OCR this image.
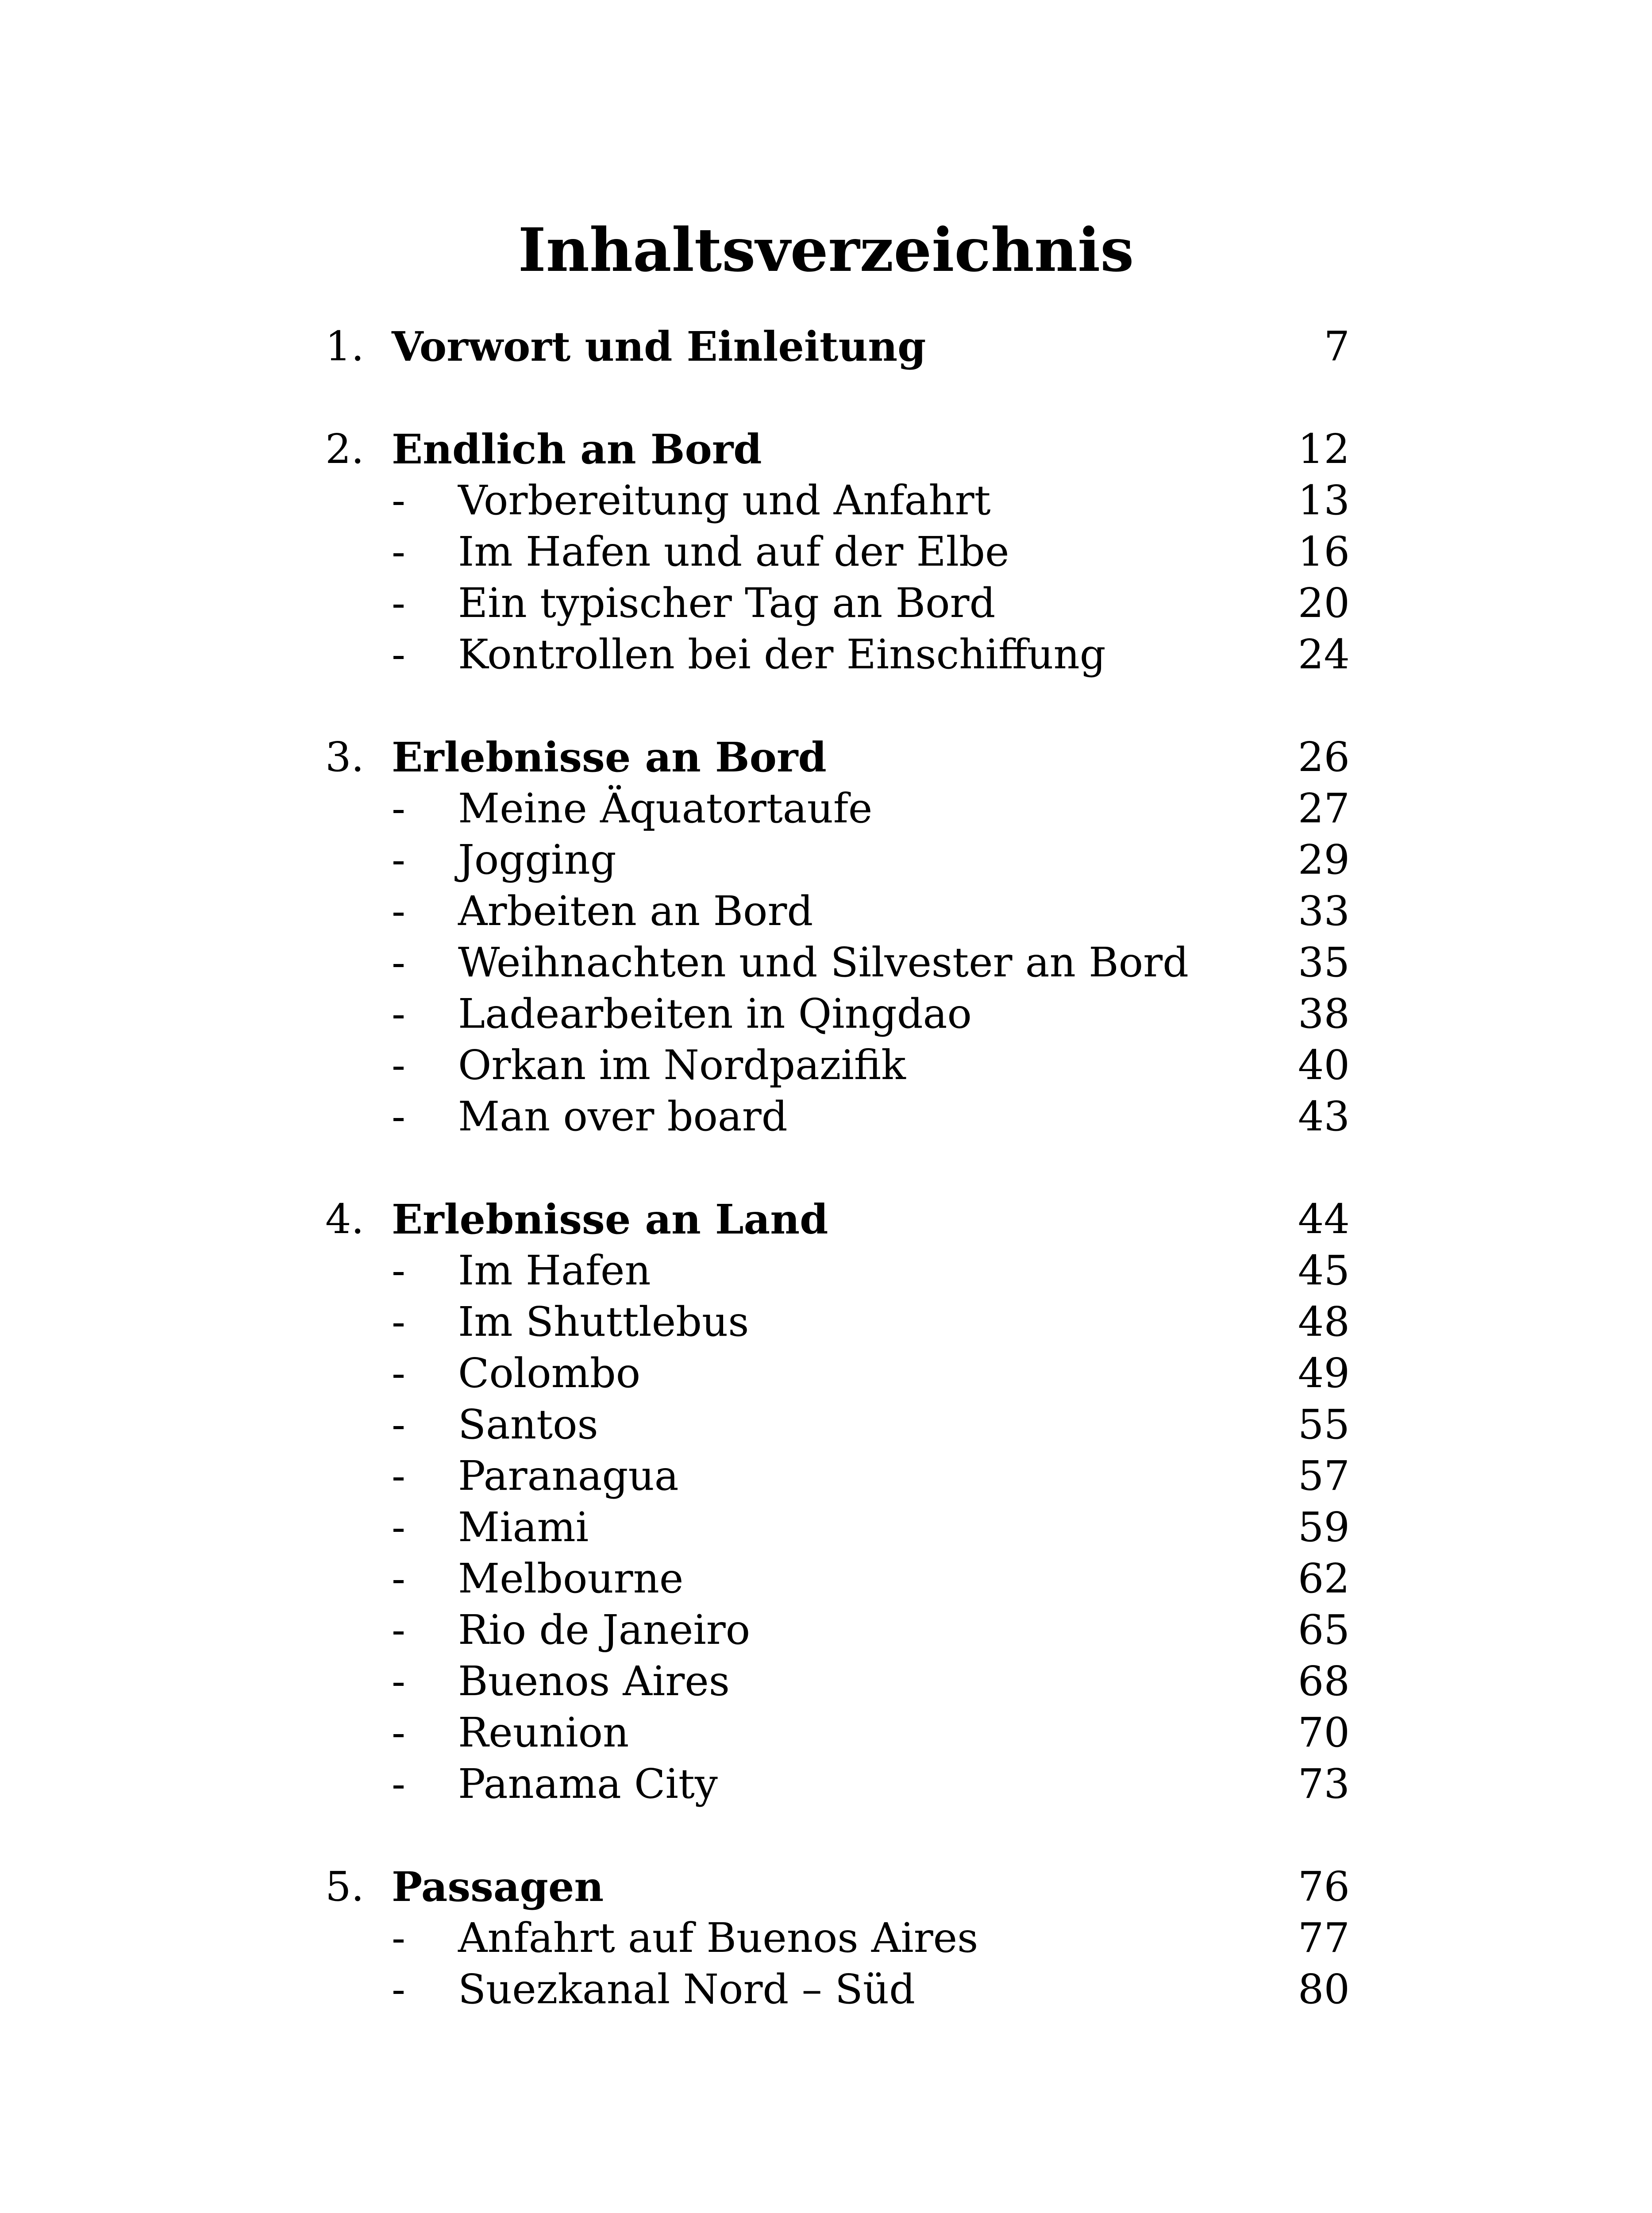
Inhaltsverzeichnis
1. Vorwort und Einleitung	7
2. Endlich an Bord	12
- Vorbereitung und Anfahrt	13
- Im Hafen und auf der Elbe	16
- Ein typischer Tag an Bord	20
- Kontrollen bei der Einschiffung	24
3. Erlebnisse an Bord	26
- Meine Äquatortaufe	27
- Jogging	29
- Arbeiten an Bord	33
- Weihnachten und Silvester an Bord	35
- Ladearbeiten in Qingdao	38
- Orkan im Nordpazifik	40
- Man over board	43
4. Erlebnisse an Land	44
- Im Hafen	45
- Im Shuttlebus	48
- Colombo	49
- Santos	55
- Paranagua	57
- Miami	59
- Melbourne	62
- Rio de Janeiro	65
- Buenos Aires	68
- Reunion	70
- Panama City	73
5. Passagen	76
- Anfahrt auf Buenos Aires	77
- Suezkanal Nord – Süd	80
